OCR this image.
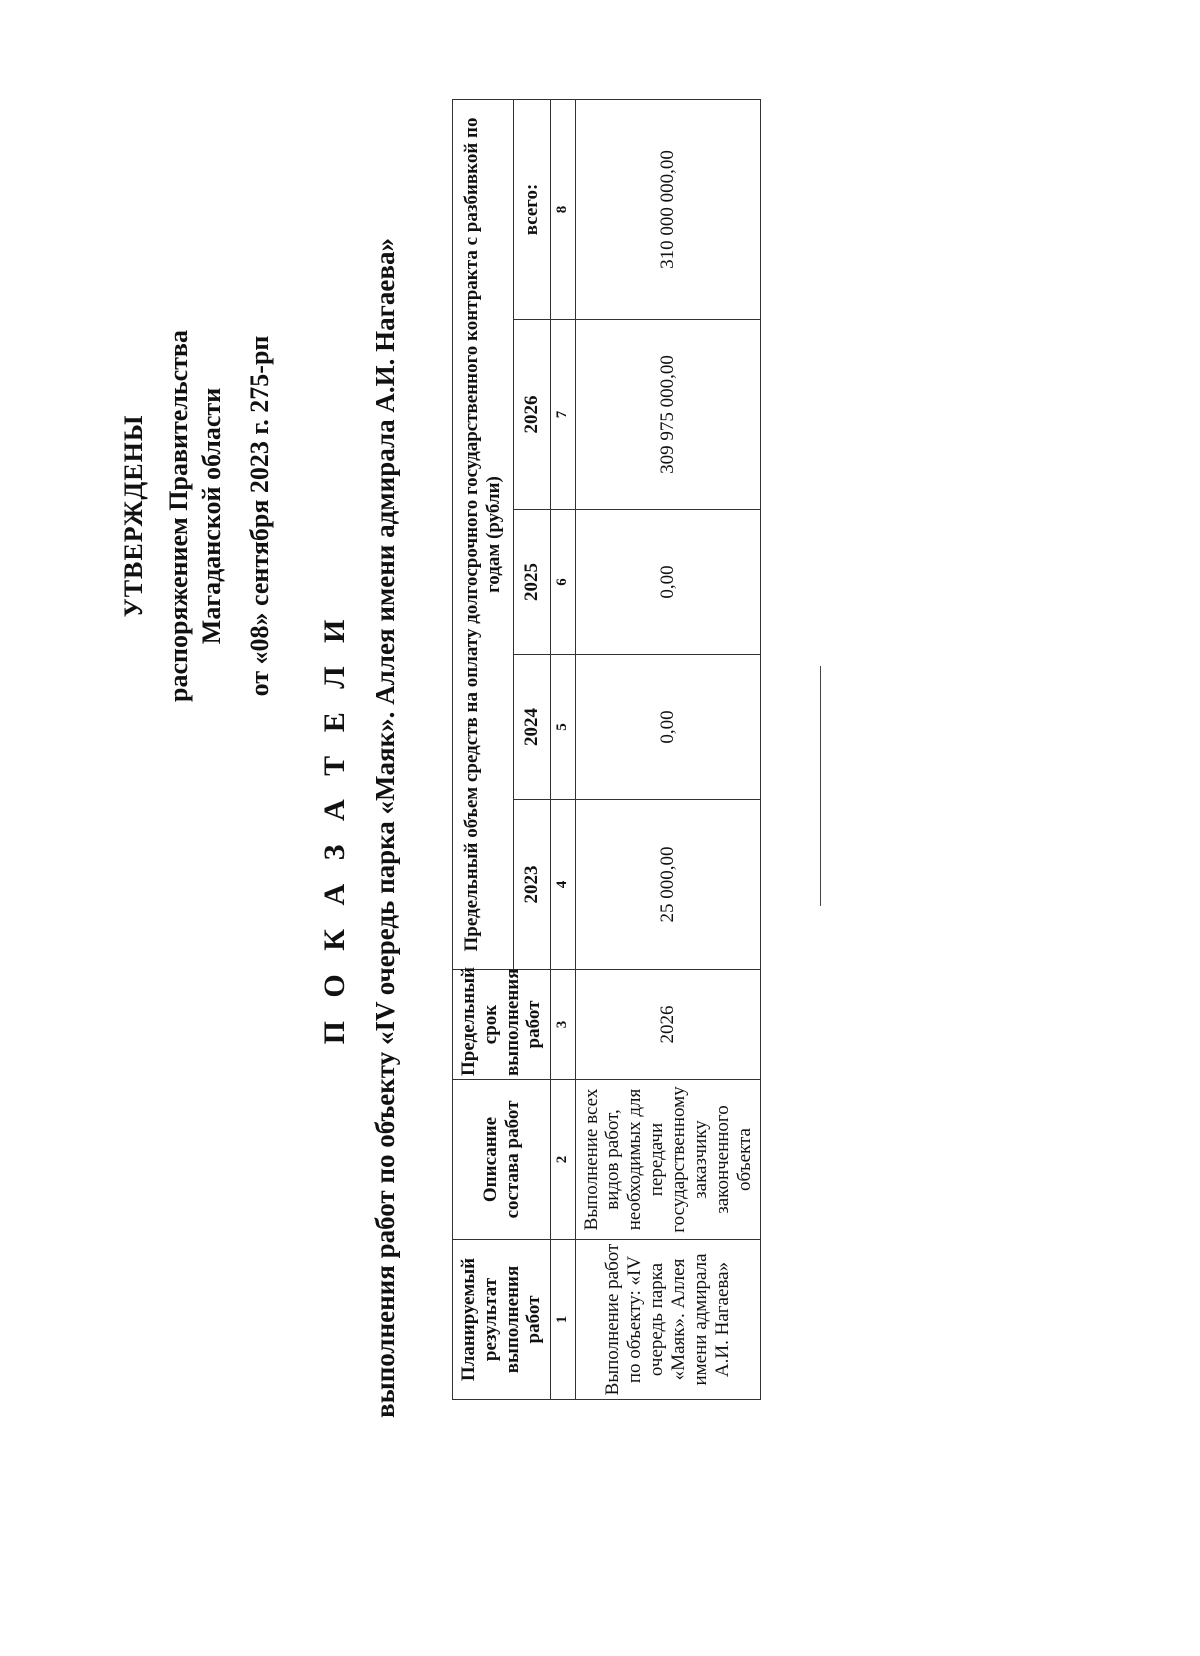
УТВЕРЖДЕНЫ распоряжением Правительства Магаданской области от «08» сентября 2023 г. 275-рп
П О К А З А Т Е Л И выполнения работ по объекту «IV очередь парка «Маяк». Аллея имени адмирала А.И. Нагаева»	Планируемый результат выполнения работ	Описание состава работ	Предельный срок выполнения работ	Предельный объем средств на оплату долгосрочного государственного контракта с разбивкой по годам (рубли)				
			2023	2024	2025	2026	всего:
1	2	3	4	5	6	7	8
Выполнение работ по объекту: «IV очередь парка «Маяк». Аллея имени адмирала А.И. Нагаева»	Выполнение всех видов работ, необходимых для передачи государственному заказчику законченного объекта	2026	25 000,00	0,00	0,00	309 975 000,00	310 000 000,00
